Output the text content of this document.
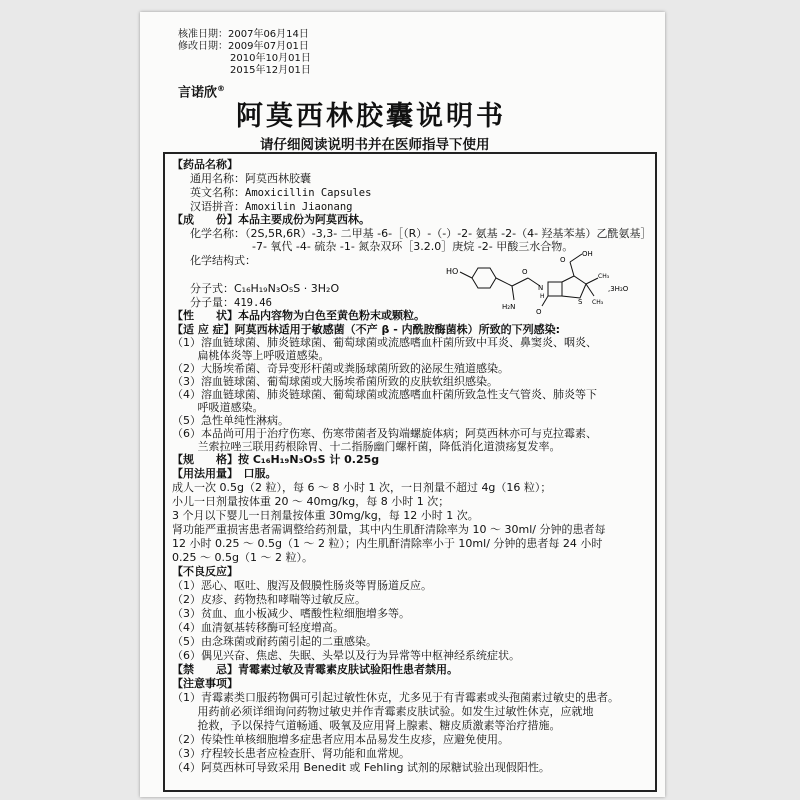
核准日期：2007年06月14日
修改日期：2009年07月01日
2010年10月01日
2015年12月01日
言诺欣®
阿莫西林胶囊说明书
请仔细阅读说明书并在医师指导下使用
【药品名称】
通用名称：阿莫西林胶囊
英文名称：Amoxicillin Capsules
汉语拼音：Amoxilin Jiaonang
【成　　份】本品主要成份为阿莫西林。
化学名称：（2S,5R,6R）-3,3- 二甲基 -6-［（R）-（-）-2- 氨基 -2-（4- 羟基苯基）乙酰氨基］
-7- 氧代 -4- 硫杂 -1- 氮杂双环［3.2.0］庚烷 -2- 甲酸三水合物。
化学结构式：
HO
H₂N
O
N
H
O
S
O
OH
CH₃
CH₃
,3H₂O
分子式：C₁₆H₁₉N₃O₅S · 3H₂O
分子量：419.46
【性　　状】本品内容物为白色至黄色粉末或颗粒。
【适 应 症】阿莫西林适用于敏感菌（不产 β - 内酰胺酶菌株）所致的下列感染:
（1）溶血链球菌、肺炎链球菌、葡萄球菌或流感嗜血杆菌所致中耳炎、鼻窦炎、咽炎、
　　 扁桃体炎等上呼吸道感染。
（2）大肠埃希菌、奇异变形杆菌或粪肠球菌所致的泌尿生殖道感染。
（3）溶血链球菌、葡萄球菌或大肠埃希菌所致的皮肤软组织感染。
（4）溶血链球菌、肺炎链球菌、葡萄球菌或流感嗜血杆菌所致急性支气管炎、肺炎等下
　　 呼吸道感染。
（5）急性单纯性淋病。
（6）本品尚可用于治疗伤寒、伤寒带菌者及钩端螺旋体病；阿莫西林亦可与克拉霉素、
　　 兰索拉唑三联用药根除胃、十二指肠幽门螺杆菌，降低消化道溃疡复发率。
【规　　格】按 C₁₆H₁₉N₃O₅S 计 0.25g
【用法用量】　口服。
成人一次 0.5g（2 粒），每 6 ～ 8 小时 1 次，一日剂量不超过 4g（16 粒）；
小儿一日剂量按体重 20 ～ 40mg/kg，每 8 小时 1 次；
3 个月以下婴儿一日剂量按体重 30mg/kg，每 12 小时 1 次。
肾功能严重损害患者需调整给药剂量，其中内生肌酐清除率为 10 ～ 30ml/ 分钟的患者每
12 小时 0.25 ～ 0.5g（1 ～ 2 粒）；内生肌酐清除率小于 10ml/ 分钟的患者每 24 小时
0.25 ～ 0.5g（1 ～ 2 粒）。
【不良反应】
（1）恶心、呕吐、腹泻及假膜性肠炎等胃肠道反应。
（2）皮疹、药物热和哮喘等过敏反应。
（3）贫血、血小板减少、嗜酸性粒细胞增多等。
（4）血清氨基转移酶可轻度增高。
（5）由念珠菌或耐药菌引起的二重感染。
（6）偶见兴奋、焦虑、失眠、头晕以及行为异常等中枢神经系统症状。
【禁　　忌】青霉素过敏及青霉素皮肤试验阳性患者禁用。
【注意事项】
（1）青霉素类口服药物偶可引起过敏性休克，尤多见于有青霉素或头孢菌素过敏史的患者。
　　 用药前必须详细询问药物过敏史并作青霉素皮肤试验。如发生过敏性休克，应就地
　　 抢救，予以保持气道畅通、吸氧及应用肾上腺素、糖皮质激素等治疗措施。
（2）传染性单核细胞增多症患者应用本品易发生皮疹，应避免使用。
（3）疗程较长患者应检查肝、肾功能和血常规。
（4）阿莫西林可导致采用 Benedit 或 Fehling 试剂的尿糖试验出现假阳性。
